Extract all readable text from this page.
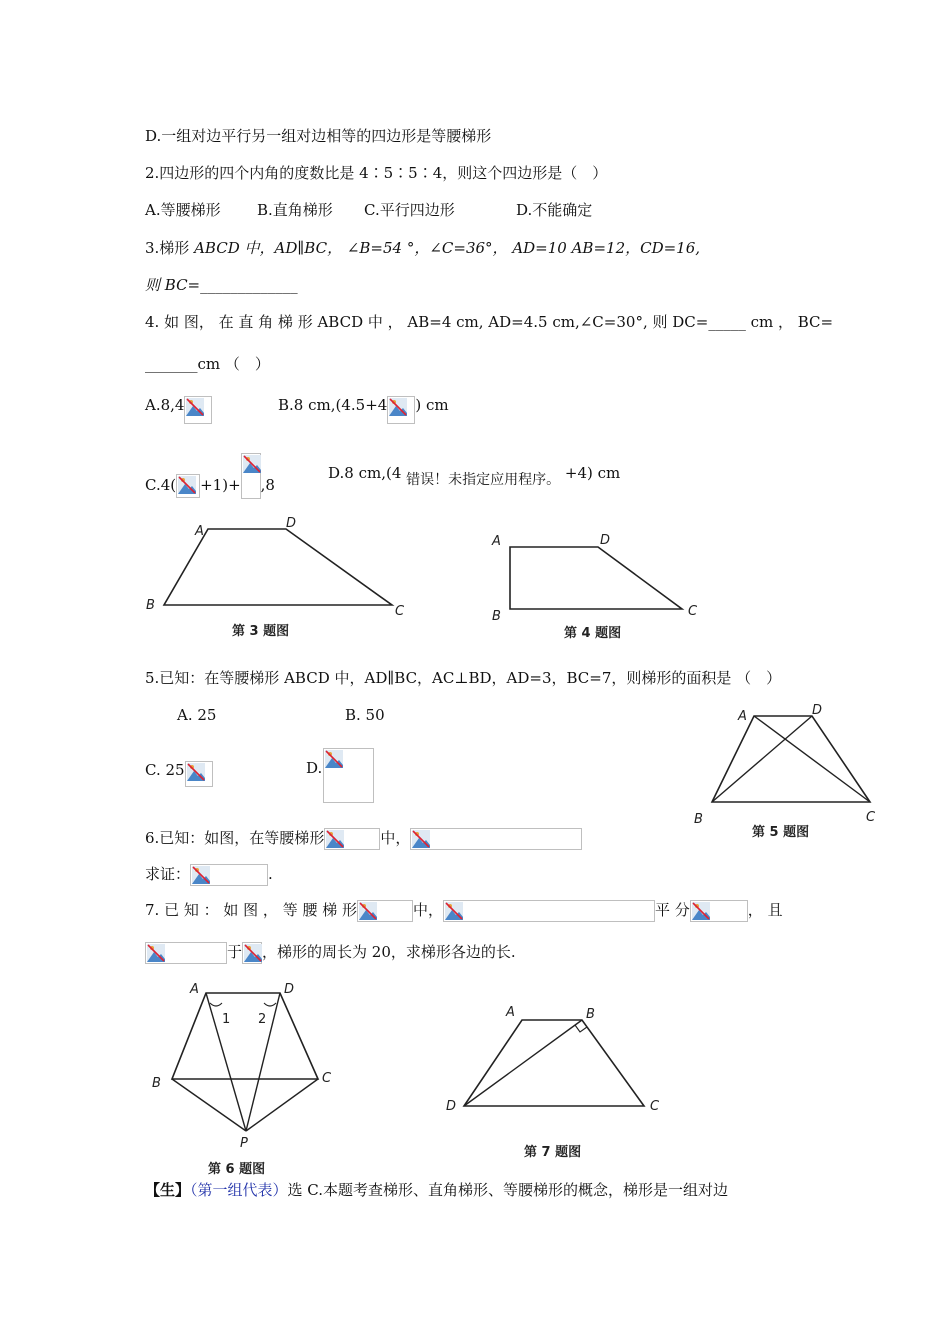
D.一组对边平行另一组对边相等的四边形是等腰梯形
2.四边形的四个内角的度数比是 4∶5∶5∶4，则这个四边形是（　）
A.等腰梯形 B.直角梯形 C.平行四边形	D.不能确定
3.梯形 ABCD 中，AD∥BC， ∠B=54 °，∠C=36°， AD=10 AB=12，CD=16,
则 BC=_____________
4. 如 图， 在 直 角 梯 形 ABCD 中 ， AB=4 cm, AD=4.5 cm,∠C=30°, 则 DC=_____ cm ， BC=
_______cm （　）
A.8,4	B.8 cm,(4.5+4 ) cm
C.4( +1)+ ,8
D.8 cm,(4 错误！未指定应用程序。 +4) cm
A
D
B	C
第 3 题图
A	D
B	C
第 4 题图
5.已知：在等腰梯形 ABCD 中，AD∥BC，AC⊥BD，AD=3，BC=7，则梯形的面积是 （　）
A. 25	B. 50
C. 25	D.
A	D
B	C
第 5 题图
6.已知：如图，在等腰梯形	中，
求证：	.
7. 已 知 ： 如 图 ， 等 腰 梯 形	中，	平 分	， 且
于 ，梯形的周长为 20，求梯形各边的长.
A	D
B	C
P
1 2
第 6 题图
A	B
D	C
第 7 题图
【生】（第一组代表）选 C.本题考查梯形、直角梯形、等腰梯形的概念，梯形是一组对边
